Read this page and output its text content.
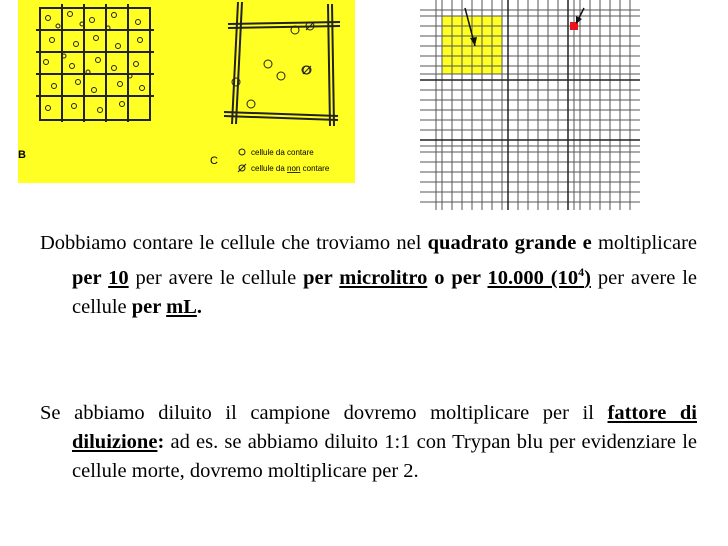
B	C
cellule da contare
cellule da non contare
Dobbiamo contare le cellule che troviamo nel quadrato grande e moltiplicare per 10 per avere le cellule per microlitro o per 10.000 $(10^4)$ per avere le cellule per mL.
Se abbiamo diluito il campione dovremo moltiplicare per il fattore di diluizione: ad es. se abbiamo diluito 1:1 con Trypan blu per evidenziare le cellule morte, dovremo moltiplicare per 2.
